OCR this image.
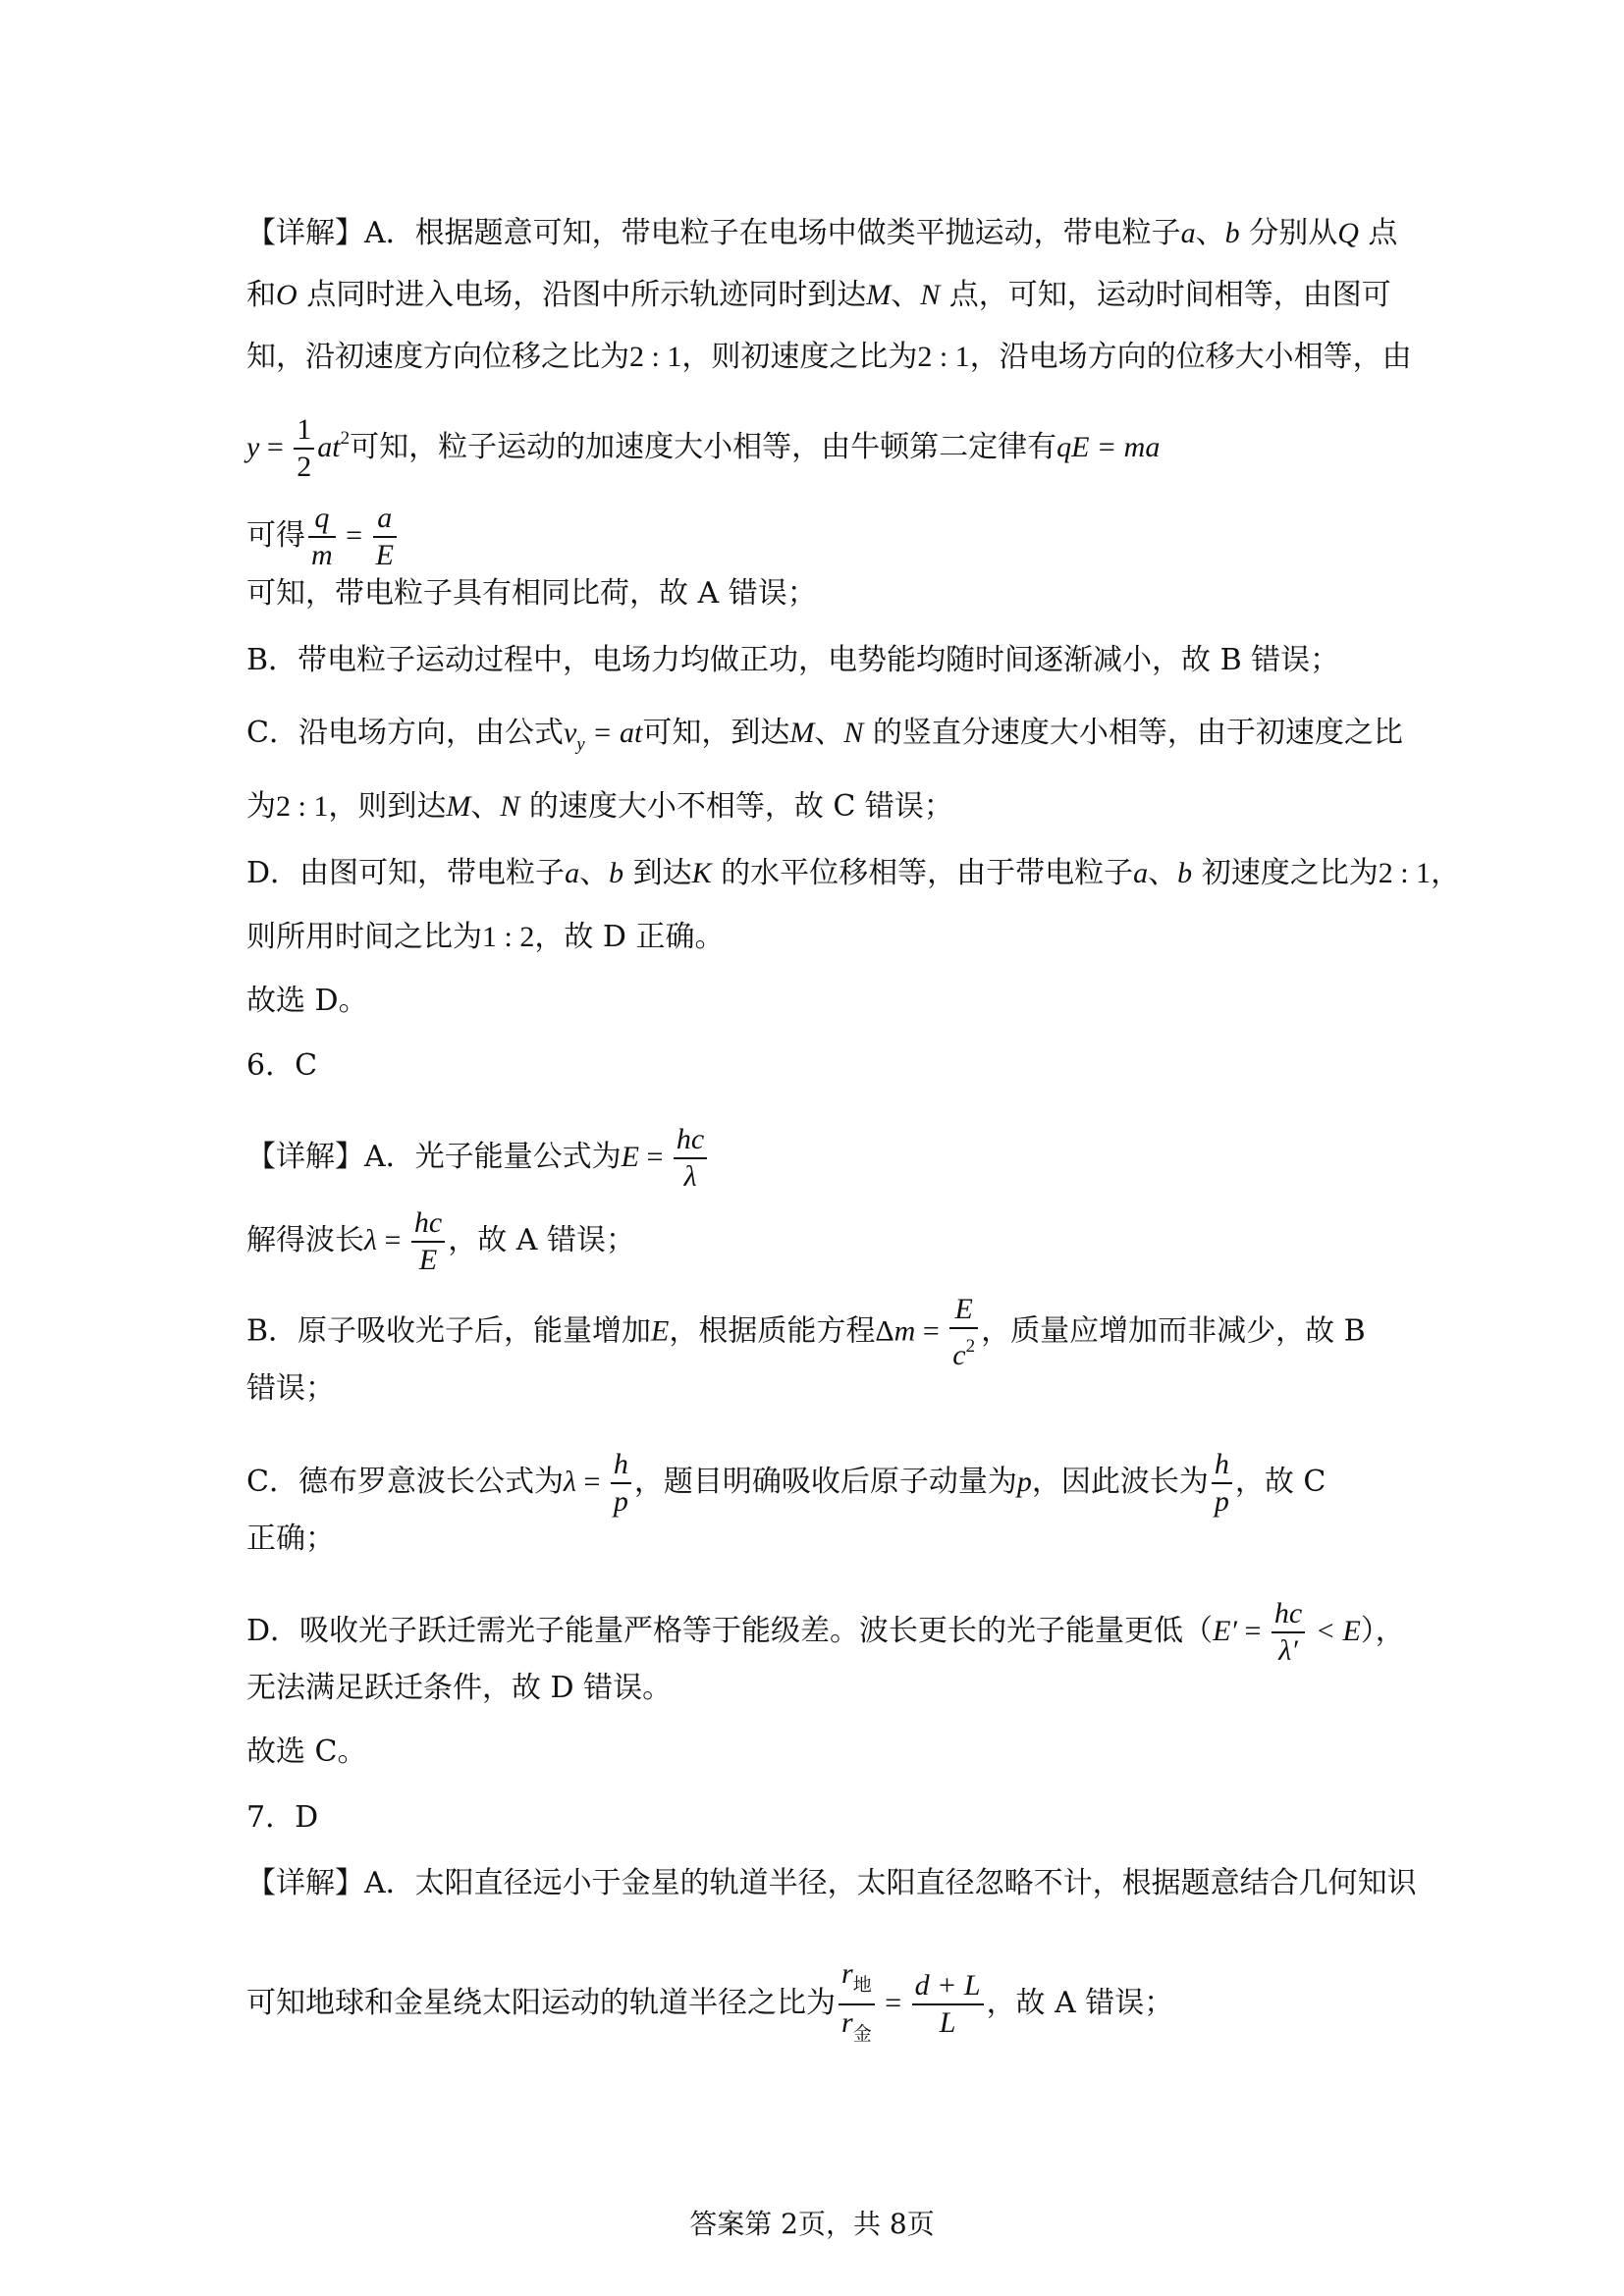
【详解】A．根据题意可知，带电粒子在电场中做类平抛运动，带电粒子a、b 分别从Q 点
和O 点同时进入电场，沿图中所示轨迹同时到达M、N 点，可知，运动时间相等，由图可
知，沿初速度方向位移之比为2 : 1，则初速度之比为2 : 1，沿电场方向的位移大小相等，由
$y = \frac{1}{2} at^2$可知，粒子运动的加速度大小相等，由牛顿第二定律有qE = ma
可得 $\frac{q}{m} = \frac{a}{E}$
可知，带电粒子具有相同比荷，故 A 错误；
B．带电粒子运动过程中，电场力均做正功，电势能均随时间逐渐减小，故 B 错误；
C．沿电场方向，由公式$v_y$ = at可知，到达M、N 的竖直分速度大小相等，由于初速度之比
为2 : 1，则到达M、N 的速度大小不相等，故 C 错误；
D．由图可知，带电粒子a、b 到达K 的水平位移相等，由于带电粒子a、b 初速度之比为2 : 1，
则所用时间之比为1 : 2，故 D 正确。
故选 D。
6．C
【详解】A．光子能量公式为$E = \frac{hc}{\lambda}$
解得波长$\lambda = \frac{hc}{E}$ ，故 A 错误；
B．原子吸收光子后，能量增加E，根据质能方程$\Delta m = \frac{E}{c^2}$ ，质量应增加而非减少，故 B
错误；
C．德布罗意波长公式为$\lambda = \frac{h}{p}$ ，题目明确吸收后原子动量为p，因此波长为 $\frac{h}{p}$ ，故 C
正确；
D．吸收光子跃迁需光子能量严格等于能级差。波长更长的光子能量更低$(E' = \frac{hc}{\lambda'} < E)$，
无法满足跃迁条件，故 D 错误。
故选 C。
7．D
【详解】A．太阳直径远小于金星的轨道半径，太阳直径忽略不计，根据题意结合几何知识
可知地球和金星绕太阳运动的轨道半径之比为 $\frac{r_地}{r_金} = \frac{d + L}{L}$ ，故 A 错误；
答案第 2页，共 8页
